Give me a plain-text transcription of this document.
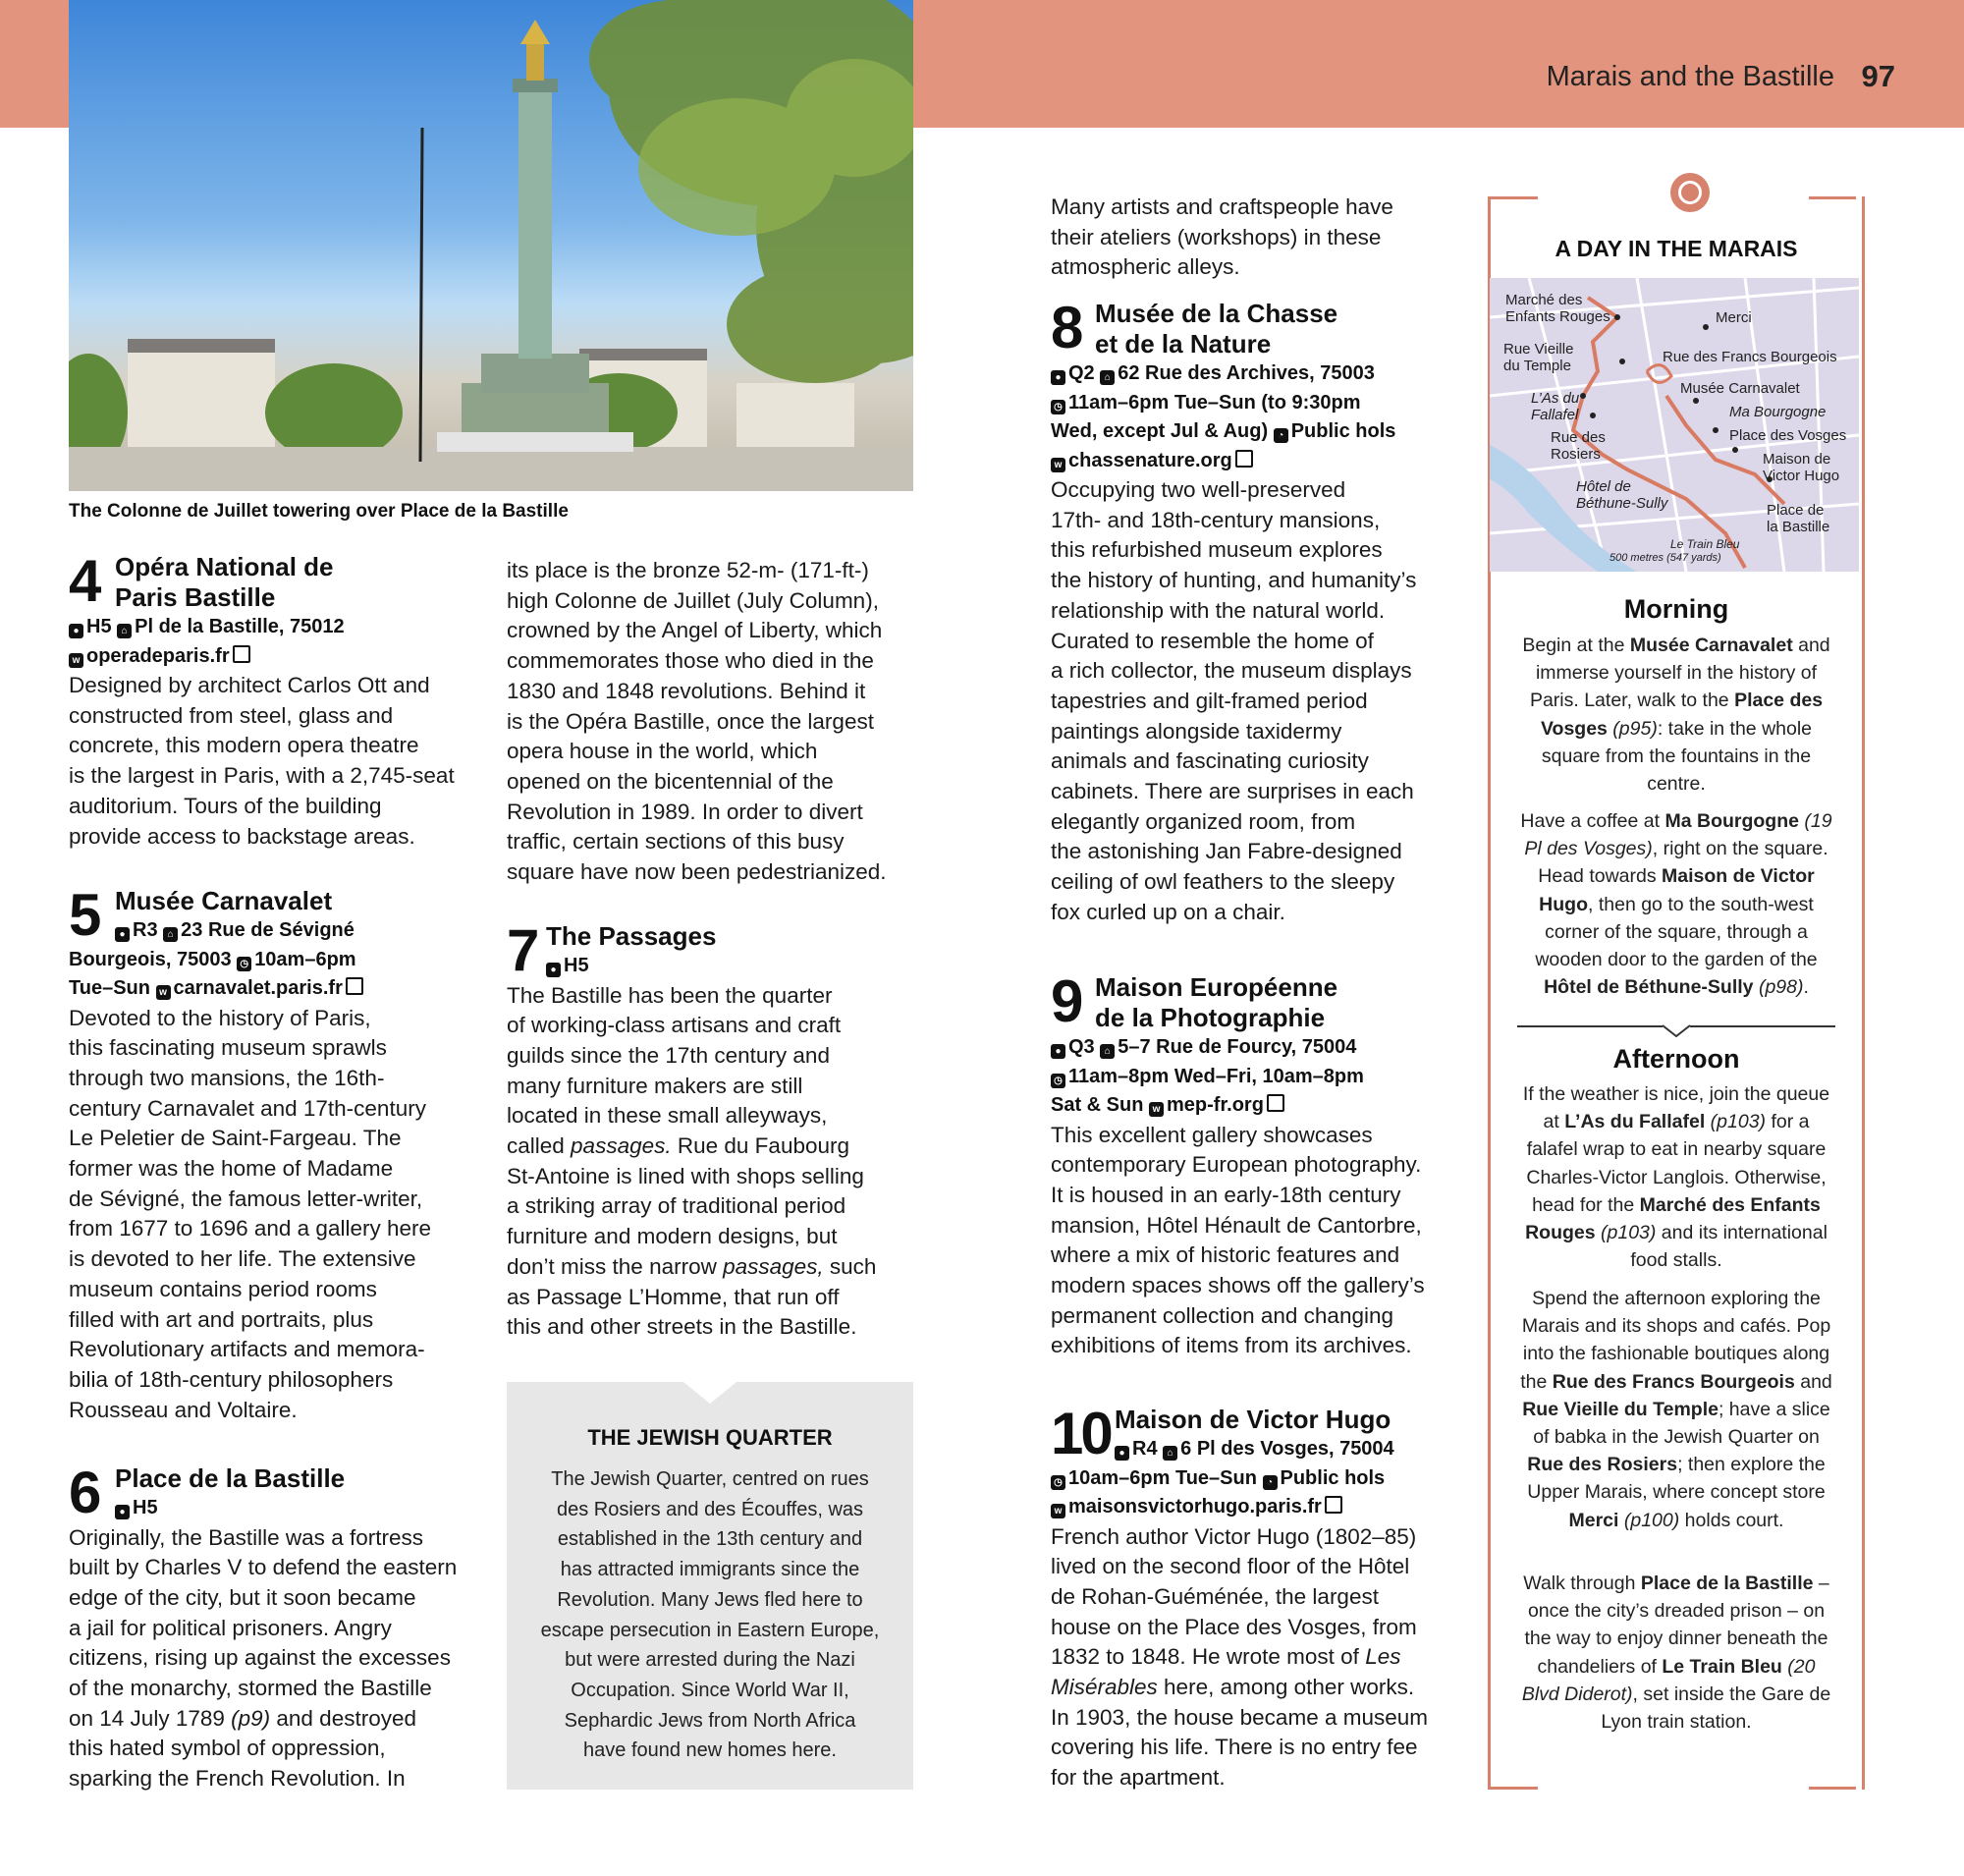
Marais and the Bastille 97
The Colonne de Juillet towering over Place de la Bastille
4 Opéra National de
Paris Bastille
● H5 ⌂ Pl de la Bastille, 75012
w operadeparis.fr

Designed by architect Carlos Ott and

constructed from steel, glass and

concrete, this modern opera theatre

is the largest in Paris, with a 2,745-seat

auditorium. Tours of the building

provide access to backstage areas.

5 Musée Carnavalet
● R3 ⌂ 23 Rue de Sévigné
Bourgeois, 75003 ◷ 10am–6pm
Tue–Sun w carnavalet.paris.fr

Devoted to the history of Paris,

this fascinating museum sprawls

through two mansions, the 16th-

century Carnavalet and 17th-century

Le Peletier de Saint-Fargeau. The

former was the home of Madame

de Sévigné, the famous letter-writer,

from 1677 to 1696 and a gallery here

is devoted to her life. The extensive

museum contains period rooms

filled with art and portraits, plus

Revolutionary artifacts and memora-

bilia of 18th-century philosophers

Rousseau and Voltaire.

6 Place de la Bastille
● H5

Originally, the Bastille was a fortress

built by Charles V to defend the eastern

edge of the city, but it soon became

a jail for political prisoners. Angry

citizens, rising up against the excesses

of the monarchy, stormed the Bastille

on 14 July 1789 (p9) and destroyed

this hated symbol of oppression,

sparking the French Revolution. In

its place is the bronze 52-m- (171-ft-)

high Colonne de Juillet (July Column),

crowned by the Angel of Liberty, which

commemorates those who died in the

1830 and 1848 revolutions. Behind it

is the Opéra Bastille, once the largest

opera house in the world, which

opened on the bicentennial of the

Revolution in 1989. In order to divert

traffic, certain sections of this busy

square have now been pedestrianized.

7 The Passages
● H5

The Bastille has been the quarter

of working-class artisans and craft

guilds since the 17th century and

many furniture makers are still

located in these small alleyways,

called passages. Rue du Faubourg

St-Antoine is lined with shops selling

a striking array of traditional period

furniture and modern designs, but

don’t miss the narrow passages, such

as Passage L’Homme, that run off

this and other streets in the Bastille.

THE JEWISH QUARTER
The Jewish Quarter, centred on rues
des Rosiers and des Écouffes, was
established in the 13th century and
has attracted immigrants since the
Revolution. Many Jews fled here to
escape persecution in Eastern Europe,
but were arrested during the Nazi
Occupation. Since World War II,
Sephardic Jews from North Africa
have found new homes here.

Many artists and craftspeople have

their ateliers (workshops) in these

atmospheric alleys.

8 Musée de la Chasse
et de la Nature
● Q2 ⌂ 62 Rue des Archives, 75003
◷ 11am–6pm Tue–Sun (to 9:30pm
Wed, except Jul & Aug) ◔ Public hols
w chassenature.org

Occupying two well-preserved

17th- and 18th-century mansions,

this refurbished museum explores

the history of hunting, and humanity’s

relationship with the natural world.

Curated to resemble the home of

a rich collector, the museum displays

tapestries and gilt-framed period

paintings alongside taxidermy

animals and fascinating curiosity

cabinets. There are surprises in each

elegantly organized room, from

the astonishing Jan Fabre-designed

ceiling of owl feathers to the sleepy

fox curled up on a chair.

9 Maison Européenne
de la Photographie
● Q3 ⌂ 5–7 Rue de Fourcy, 75004
◷ 11am–8pm Wed–Fri, 10am–8pm
Sat & Sun w mep-fr.org

This excellent gallery showcases

contemporary European photography.

It is housed in an early-18th century

mansion, Hôtel Hénault de Cantorbre,

where a mix of historic features and

modern spaces shows off the gallery’s

permanent collection and changing

exhibitions of items from its archives.

10 Maison de Victor Hugo
● R4 ⌂ 6 Pl des Vosges, 75004
◷ 10am–6pm Tue–Sun ◔ Public hols
w maisonsvictorhugo.paris.fr

French author Victor Hugo (1802–85)

lived on the second floor of the Hôtel

de Rohan-Guéménée, the largest

house on the Place des Vosges, from

1832 to 1848. He wrote most of Les

Misérables here, among other works.

In 1903, the house became a museum

covering his life. There is no entry fee

for the apartment.

A DAY IN THE MARAIS
Marché des
Enfants Rouges	Merci
Rue Vieille
du Temple
Rue des Francs Bourgeois
L’As du
Fallafel
Musée Carnavalet
Ma Bourgogne
Place des Vosges
Rue des
Rosiers	Maison de
Victor Hugo
Hôtel de
Béthune-Sully	Place de
la Bastille
Le Train Bleu
500 metres (547 yards)
Morning

Begin at the Musée Carnavalet and immerse yourself in the history of Paris. Later, walk to the Place des Vosges (p95): take in the whole square from the fountains in the centre.

Have a coffee at Ma Bourgogne (19 Pl des Vosges), right on the square. Head towards Maison de Victor Hugo, then go to the south-west corner of the square, through a wooden door to the garden of the Hôtel de Béthune-Sully (p98).

Afternoon

If the weather is nice, join the queue at L’As du Fallafel (p103) for a falafel wrap to eat in nearby square Charles-Victor Langlois. Otherwise, head for the Marché des Enfants Rouges (p103) and its international food stalls.

Spend the afternoon exploring the Marais and its shops and cafés. Pop into the fashionable boutiques along the Rue des Francs Bourgeois and Rue Vieille du Temple; have a slice of babka in the Jewish Quarter on Rue des Rosiers; then explore the Upper Marais, where concept store Merci (p100) holds court.

Walk through Place de la Bastille – once the city’s dreaded prison – on the way to enjoy dinner beneath the chandeliers of Le Train Bleu (20 Blvd Diderot), set inside the Gare de Lyon train station.
